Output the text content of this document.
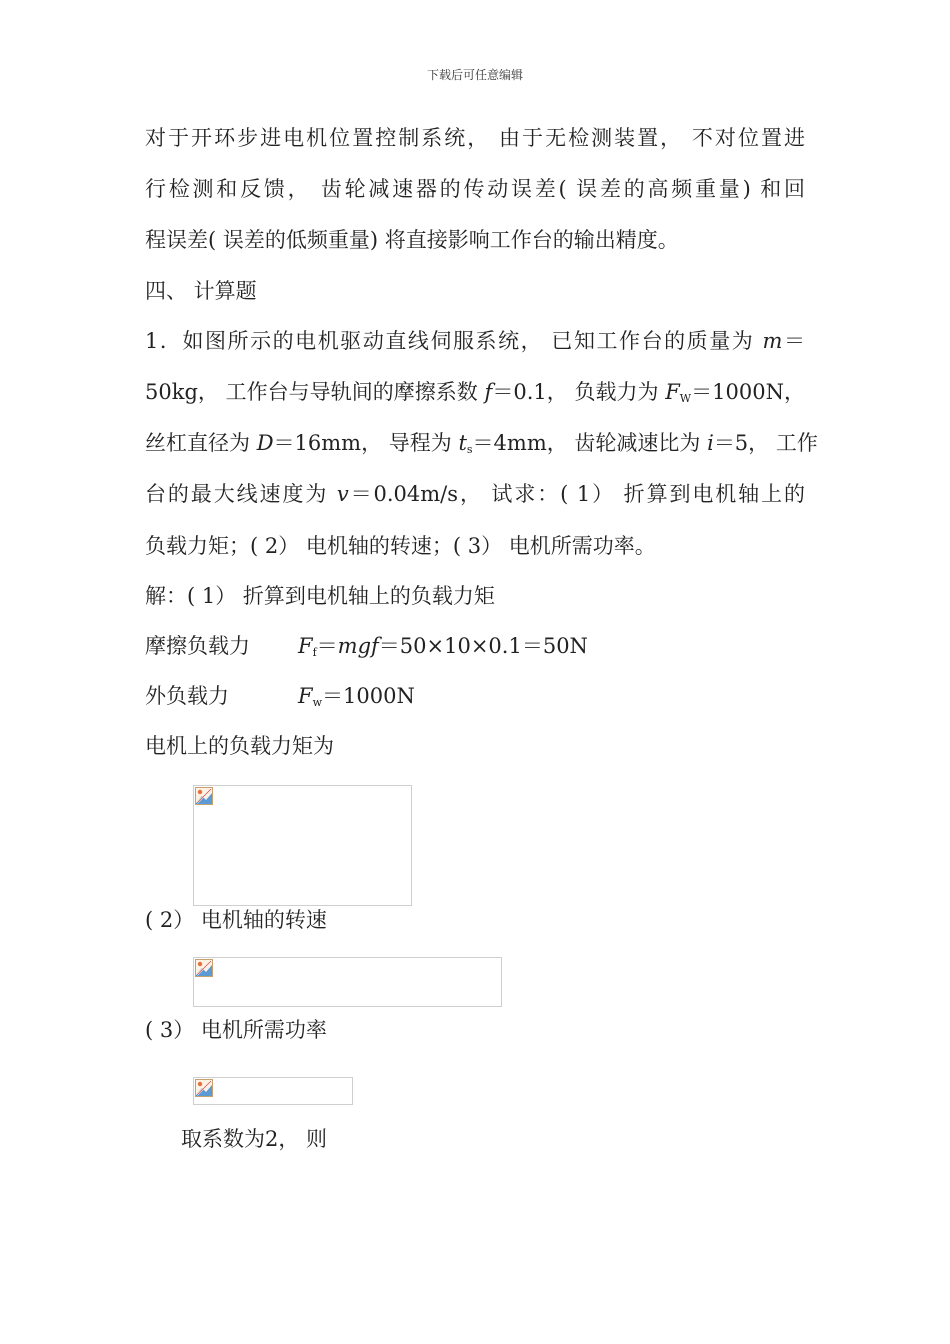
下载后可任意编辑
对于开环步进电机位置控制系统， 由于无检测装置， 不对位置进
行检测和反馈， 齿轮减速器的传动误差( 误差的高频重量) 和回
程误差( 误差的低频重量) 将直接影响工作台的输出精度。
四、 计算题
1．如图所示的电机驱动直线伺服系统， 已知工作台的质量为 m＝
50kg， 工作台与导轨间的摩擦系数 f＝0.1， 负载力为 $F_W=1000N$，
丝杠直径为 D＝16mm， 导程为 $t_s=4mm$， 齿轮减速比为 i＝5， 工作
台的最大线速度为 v＝0.04m/s， 试求：( 1） 折算到电机轴上的
负载力矩；( 2） 电机轴的转速；( 3） 电机所需功率。
解：( 1） 折算到电机轴上的负载力矩
摩擦负载力 $F_f=mgf=50\times 10\times 0.1=50N$
外负载力	$F_w=1000N$
电机上的负载力矩为
( 2） 电机轴的转速
( 3） 电机所需功率
取系数为2， 则
